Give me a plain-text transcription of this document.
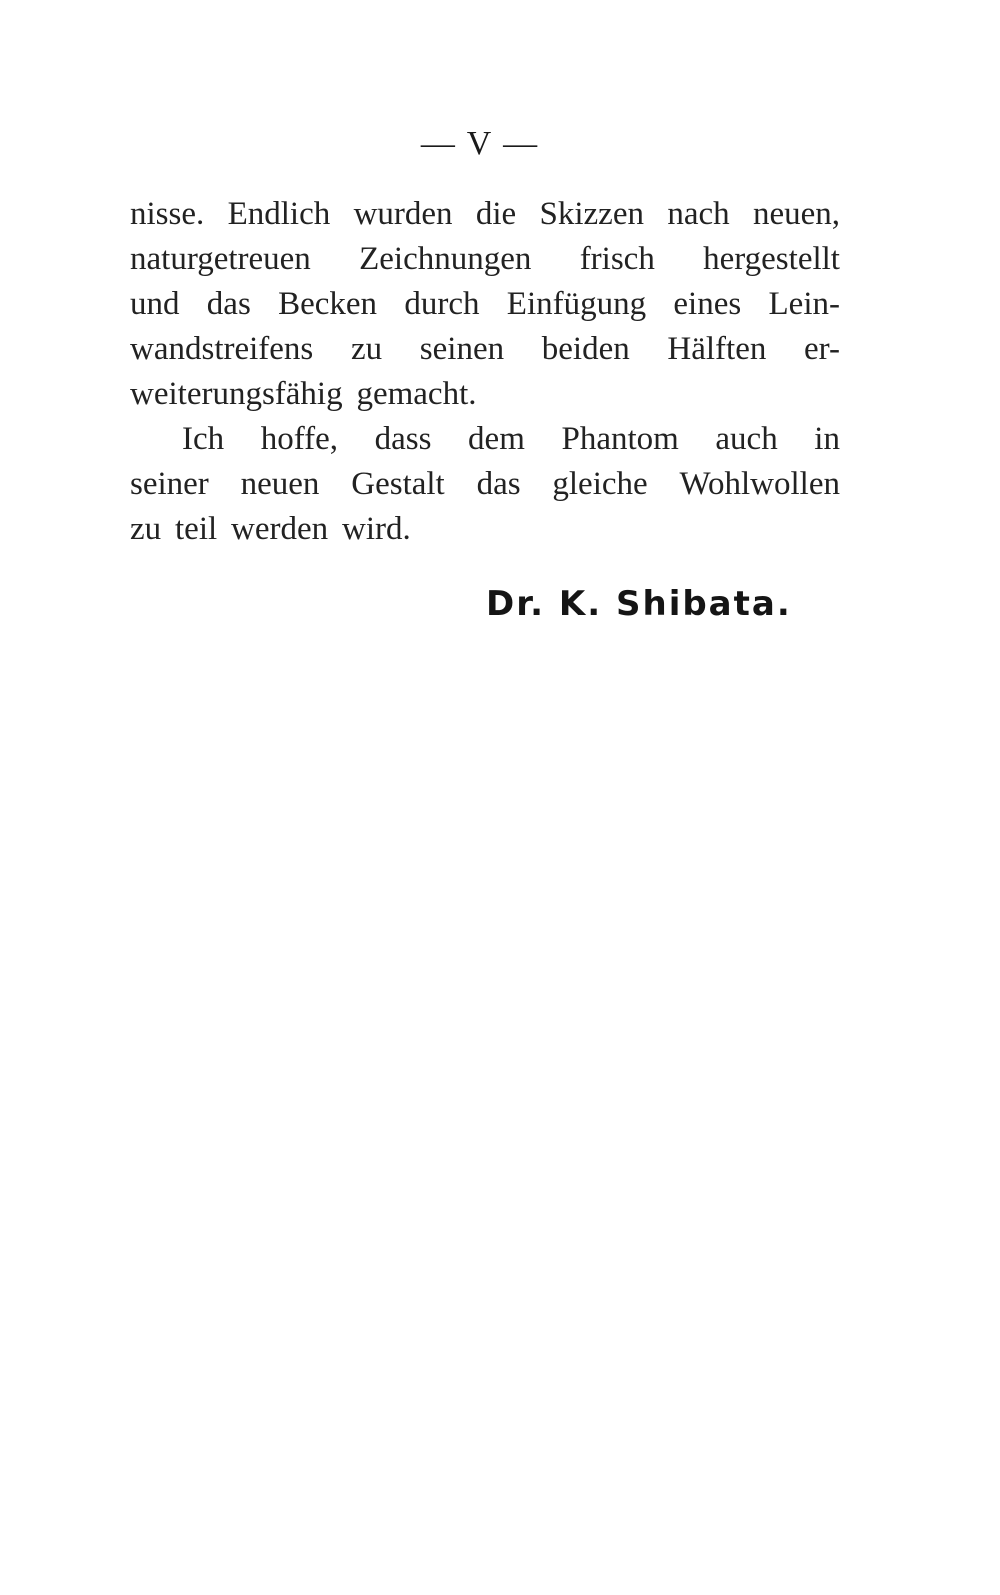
— V —
nisse. Endlich wurden die Skizzen nach neuen,
naturgetreuen Zeichnungen frisch hergestellt
und das Becken durch Einfügung eines Lein-
wandstreifens zu seinen beiden Hälften er-
weiterungsfähig gemacht.
Ich hoffe, dass dem Phantom auch in
seiner neuen Gestalt das gleiche Wohlwollen
zu teil werden wird.
Dr. K. Shibata.
